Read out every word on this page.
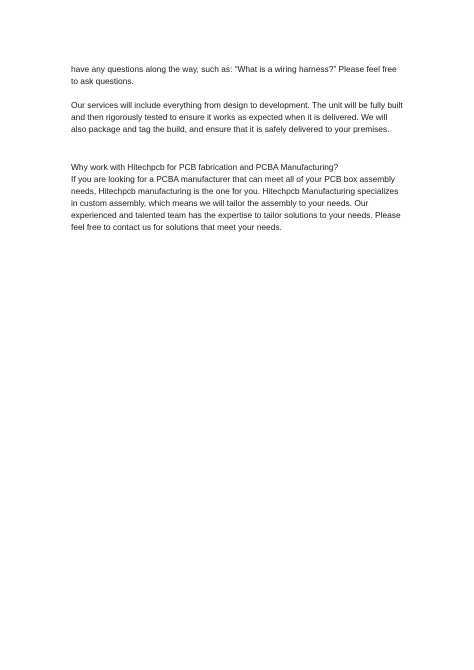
have any questions along the way, such as: “What is a wiring harness?” Please feel free to ask questions.

Our services will include everything from design to development. The unit will be fully built and then rigorously tested to ensure it works as expected when it is delivered. We will also package and tag the build, and ensure that it is safely delivered to your premises.

Why work with Hitechpcb for PCB fabrication and PCBA Manufacturing?
If you are looking for a PCBA manufacturer that can meet all of your PCB box assembly needs, Hitechpcb manufacturing is the one for you. Hitechpcb Manufacturing specializes in custom assembly, which means we will tailor the assembly to your needs. Our experienced and talented team has the expertise to tailor solutions to your needs. Please feel free to contact us for solutions that meet your needs.
